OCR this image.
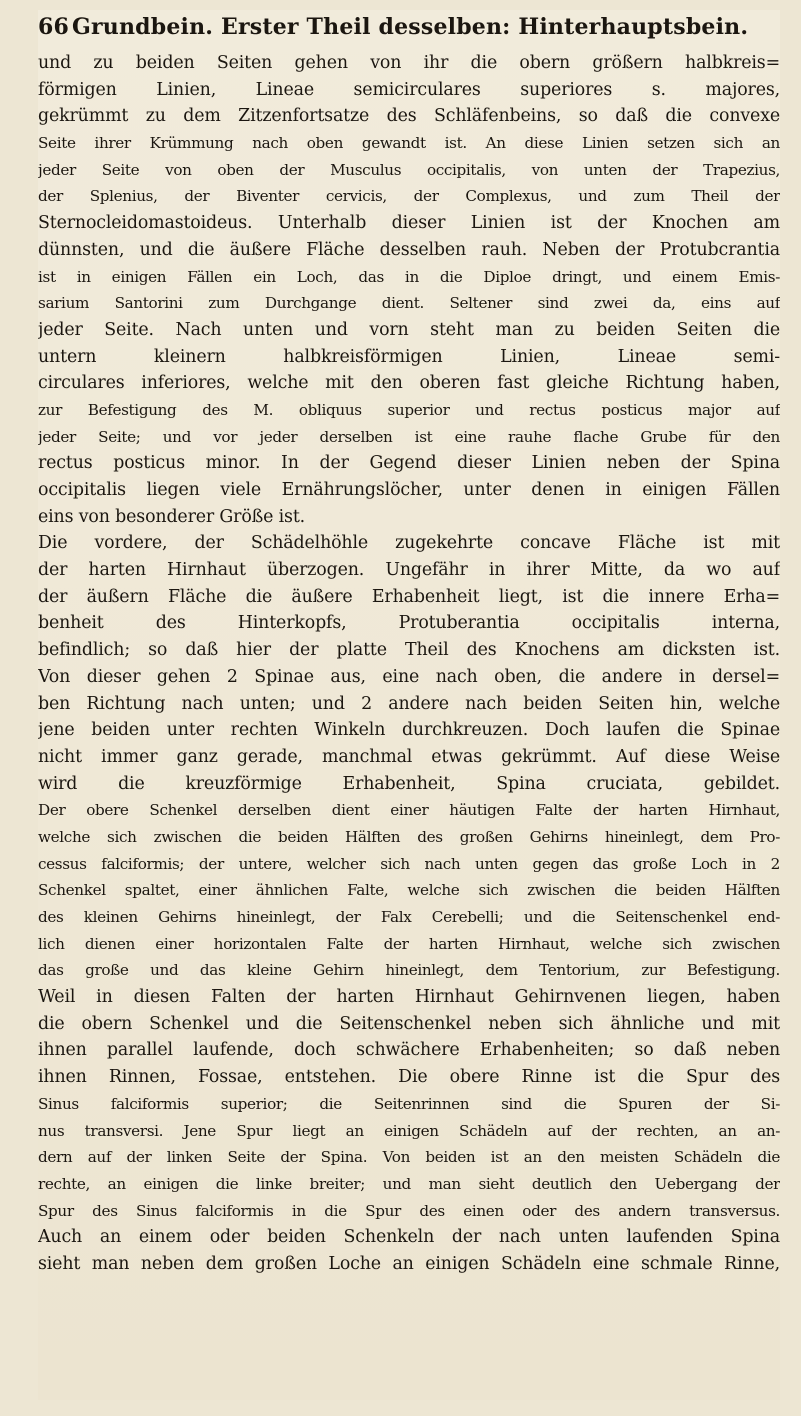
66 Grundbein. Erster Theil desselben: Hinterhauptsbein.
und zu beiden Seiten gehen von ihr die obern größern halbkreis=
förmigen Linien, Lineae semicirculares superiores s. majores,
gekrümmt zu dem Zitzenfortsatze des Schläfenbeins, so daß die convexe
Seite ihrer Krümmung nach oben gewandt ist. An diese Linien setzen sich an
jeder Seite von oben der Musculus occipitalis, von unten der Trapezius,
der Splenius, der Biventer cervicis, der Complexus, und zum Theil der
Sternocleidomastoideus. Unterhalb dieser Linien ist der Knochen am
dünnsten, und die äußere Fläche desselben rauh. Neben der Protubcrantia
ist in einigen Fällen ein Loch, das in die Diploe dringt, und einem Emis-
sarium Santorini zum Durchgange dient. Seltener sind zwei da, eins auf
jeder Seite. Nach unten und vorn steht man zu beiden Seiten die
untern kleinern halbkreisförmigen Linien, Lineae semi-
circulares inferiores, welche mit den oberen fast gleiche Richtung haben,
zur Befestigung des M. obliquus superior und rectus posticus major auf
jeder Seite; und vor jeder derselben ist eine rauhe flache Grube für den
rectus posticus minor. In der Gegend dieser Linien neben der Spina
occipitalis liegen viele Ernährungslöcher, unter denen in einigen Fällen
eins von besonderer Größe ist.
Die vordere, der Schädelhöhle zugekehrte concave Fläche ist mit
der harten Hirnhaut überzogen. Ungefähr in ihrer Mitte, da wo auf
der äußern Fläche die äußere Erhabenheit liegt, ist die innere Erha=
benheit des Hinterkopfs, Protuberantia occipitalis interna,
befindlich; so daß hier der platte Theil des Knochens am dicksten ist.
Von dieser gehen 2 Spinae aus, eine nach oben, die andere in dersel=
ben Richtung nach unten; und 2 andere nach beiden Seiten hin, welche
jene beiden unter rechten Winkeln durchkreuzen. Doch laufen die Spinae
nicht immer ganz gerade, manchmal etwas gekrümmt. Auf diese Weise
wird die kreuzförmige Erhabenheit, Spina cruciata, gebildet.
Der obere Schenkel derselben dient einer häutigen Falte der harten Hirnhaut,
welche sich zwischen die beiden Hälften des großen Gehirns hineinlegt, dem Pro-
cessus falciformis; der untere, welcher sich nach unten gegen das große Loch in 2
Schenkel spaltet, einer ähnlichen Falte, welche sich zwischen die beiden Hälften
des kleinen Gehirns hineinlegt, der Falx Cerebelli; und die Seitenschenkel end-
lich dienen einer horizontalen Falte der harten Hirnhaut, welche sich zwischen
das große und das kleine Gehirn hineinlegt, dem Tentorium, zur Befestigung.
Weil in diesen Falten der harten Hirnhaut Gehirnvenen liegen, haben
die obern Schenkel und die Seitenschenkel neben sich ähnliche und mit
ihnen parallel laufende, doch schwächere Erhabenheiten; so daß neben
ihnen Rinnen, Fossae, entstehen. Die obere Rinne ist die Spur des
Sinus falciformis superior; die Seitenrinnen sind die Spuren der Si-
nus transversi. Jene Spur liegt an einigen Schädeln auf der rechten, an an-
dern auf der linken Seite der Spina. Von beiden ist an den meisten Schädeln die
rechte, an einigen die linke breiter; und man sieht deutlich den Uebergang der
Spur des Sinus falciformis in die Spur des einen oder des andern transversus.
Auch an einem oder beiden Schenkeln der nach unten laufenden Spina
sieht man neben dem großen Loche an einigen Schädeln eine schmale Rinne,
